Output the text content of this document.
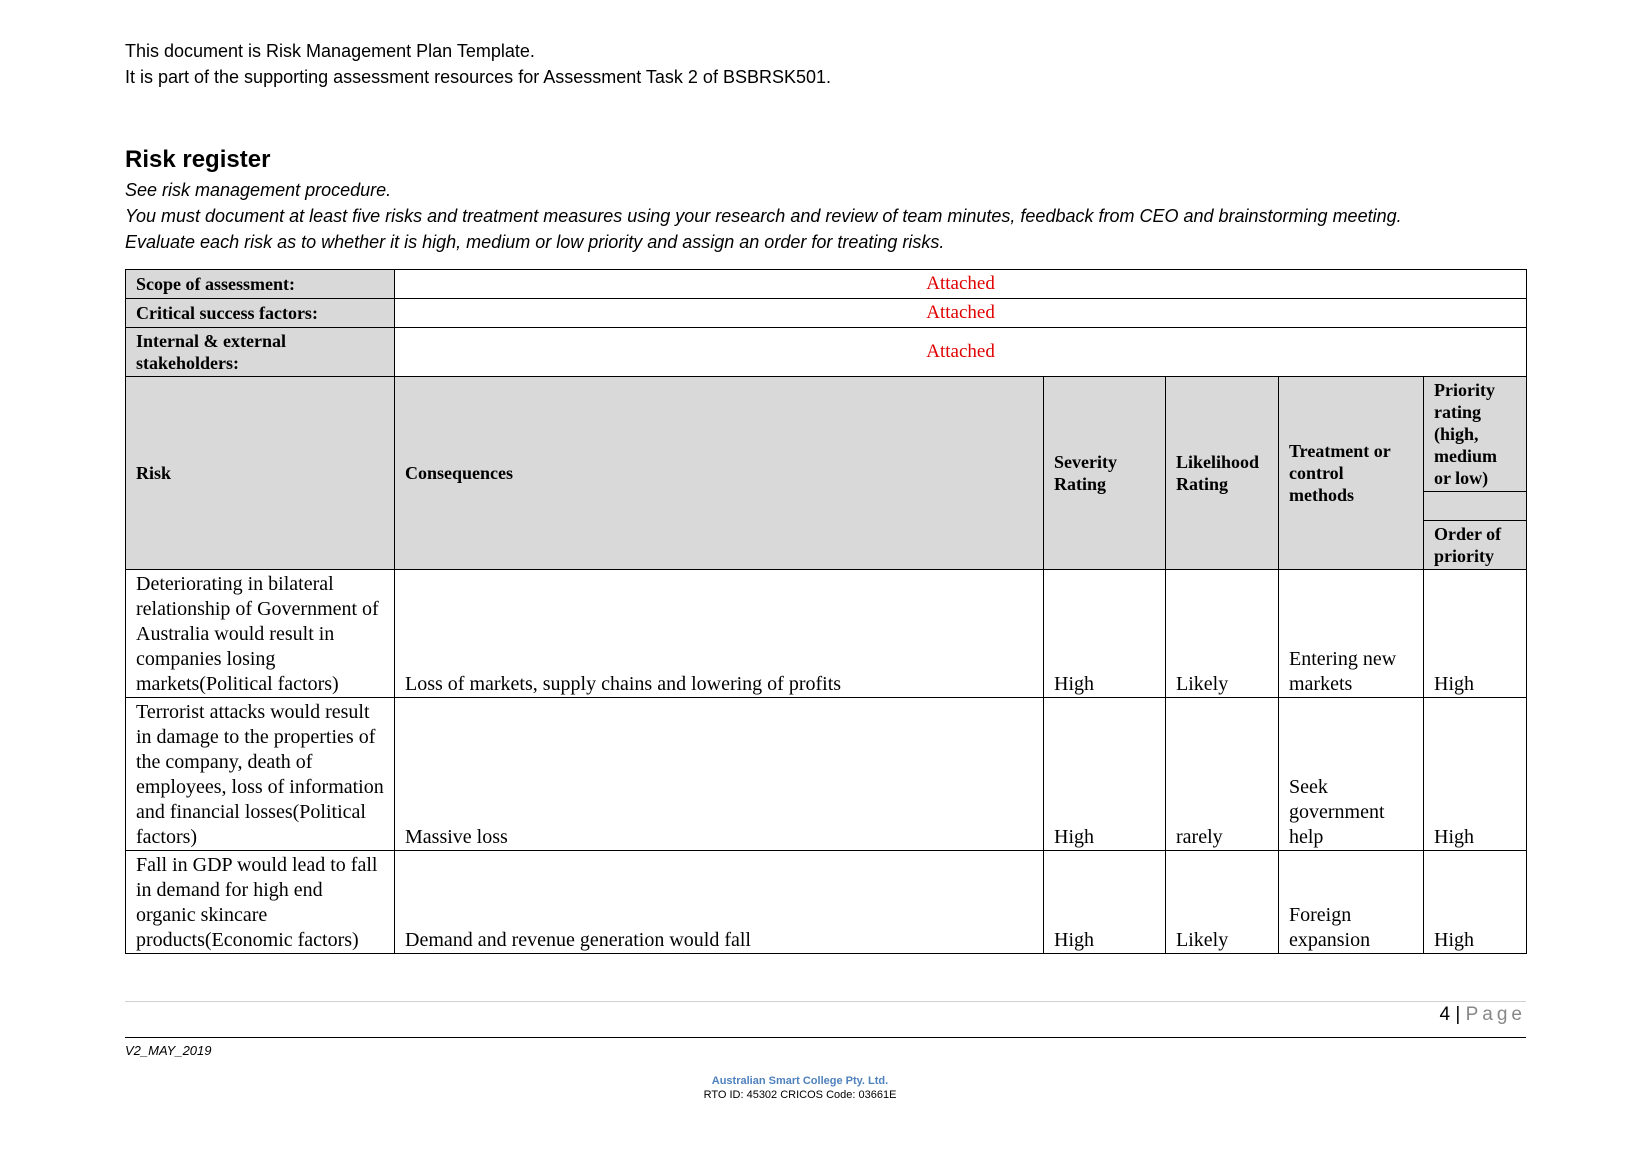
This document is Risk Management Plan Template.
It is part of the supporting assessment resources for Assessment Task 2 of BSBRSK501.
Risk register
See risk management procedure.
You must document at least five risks and treatment measures using your research and review of team minutes, feedback from CEO and brainstorming meeting.
Evaluate each risk as to whether it is high, medium or low priority and assign an order for treating risks.
Scope of assessment:	Attached				
Critical success factors:	Attached				
Internal & external stakeholders:	Attached				
Risk	Consequences	Severity Rating	Likelihood Rating	Treatment or control methods	Priority rating (high, medium or low)

					Order of priority
Deteriorating in bilateral relationship of Government of Australia would result in companies losing markets(Political factors)	Loss of markets, supply chains and lowering of profits	High	Likely	Entering new markets	High
Terrorist attacks would result in damage to the properties of the company, death of employees, loss of information and financial losses(Political factors)	Massive loss	High	rarely	Seek government help	High
Fall in GDP would lead to fall in demand for high end organic skincare products(Economic factors)	Demand and revenue generation would fall	High	Likely	Foreign expansion	High
4 | Page
V2_MAY_2019
Australian Smart College Pty. Ltd.
RTO ID: 45302 CRICOS Code: 03661E
